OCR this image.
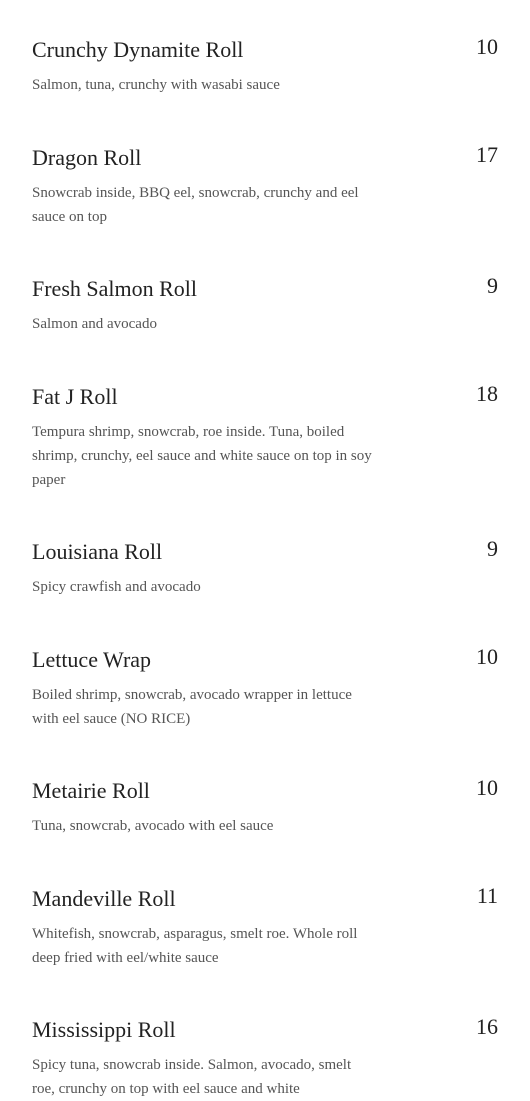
Crunchy Dynamite Roll	10
Salmon, tuna, crunchy with wasabi sauce
Dragon Roll	17
Snowcrab inside, BBQ eel, snowcrab, crunchy and eel sauce on top
Fresh Salmon Roll	9
Salmon and avocado
Fat J Roll	18
Tempura shrimp, snowcrab, roe inside. Tuna, boiled shrimp, crunchy, eel sauce and white sauce on top in soy paper
Louisiana Roll	9
Spicy crawfish and avocado
Lettuce Wrap	10
Boiled shrimp, snowcrab, avocado wrapper in lettuce with eel sauce (NO RICE)
Metairie Roll	10
Tuna, snowcrab, avocado with eel sauce
Mandeville Roll	11
Whitefish, snowcrab, asparagus, smelt roe. Whole roll deep fried with eel/white sauce
Mississippi Roll	16
Spicy tuna, snowcrab inside. Salmon, avocado, smelt roe, crunchy on top with eel sauce and white
